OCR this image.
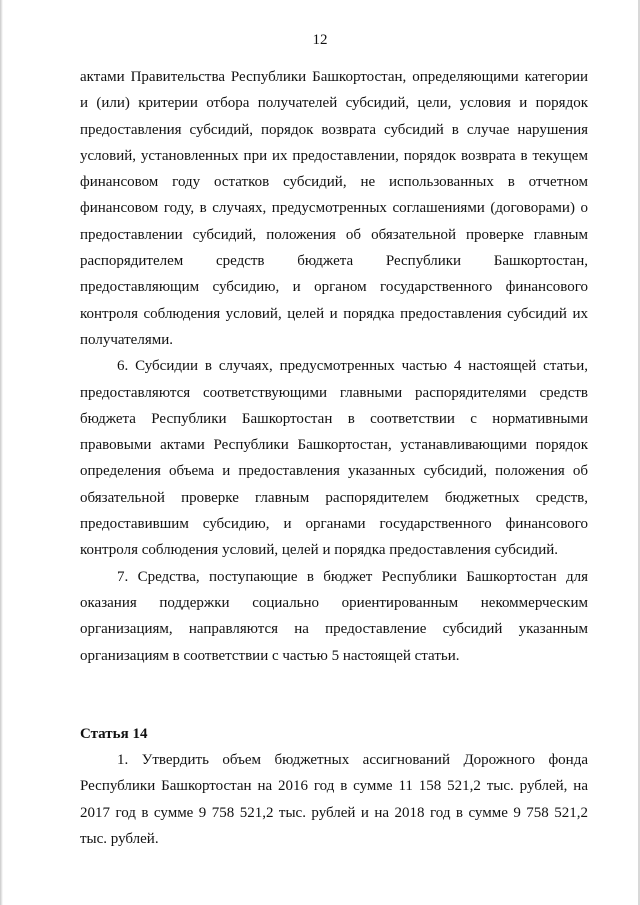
12

актами Правительства Республики Башкортостан, определяющими категории и (или) критерии отбора получателей субсидий, цели, условия и порядок предоставления субсидий, порядок возврата субсидий в случае нарушения условий, установленных при их предоставлении, порядок возврата в текущем финансовом году остатков субсидий, не использованных в отчетном финансовом году, в случаях, предусмотренных соглашениями (договорами) о предоставлении субсидий, положения об обязательной проверке главным распорядителем средств бюджета Республики Башкортостан, предоставляющим субсидию, и органом государственного финансового контроля соблюдения условий, целей и порядка предоставления субсидий их получателями.

6. Субсидии в случаях, предусмотренных частью 4 настоящей статьи, предоставляются соответствующими главными распорядителями средств бюджета Республики Башкортостан в соответствии с нормативными правовыми актами Республики Башкортостан, устанавливающими порядок определения объема и предоставления указанных субсидий, положения об обязательной проверке главным распорядителем бюджетных средств, предоставившим субсидию, и органами государственного финансового контроля соблюдения условий, целей и порядка предоставления субсидий.

7. Средства, поступающие в бюджет Республики Башкортостан для оказания поддержки социально ориентированным некоммерческим организациям, направляются на предоставление субсидий указанным организациям в соответствии с частью 5 настоящей статьи.

Статья 14

1. Утвердить объем бюджетных ассигнований Дорожного фонда Республики Башкортостан на 2016 год в сумме 11 158 521,2 тыс. рублей, на 2017 год в сумме 9 758 521,2 тыс. рублей и на 2018 год в сумме 9 758 521,2 тыс. рублей.
